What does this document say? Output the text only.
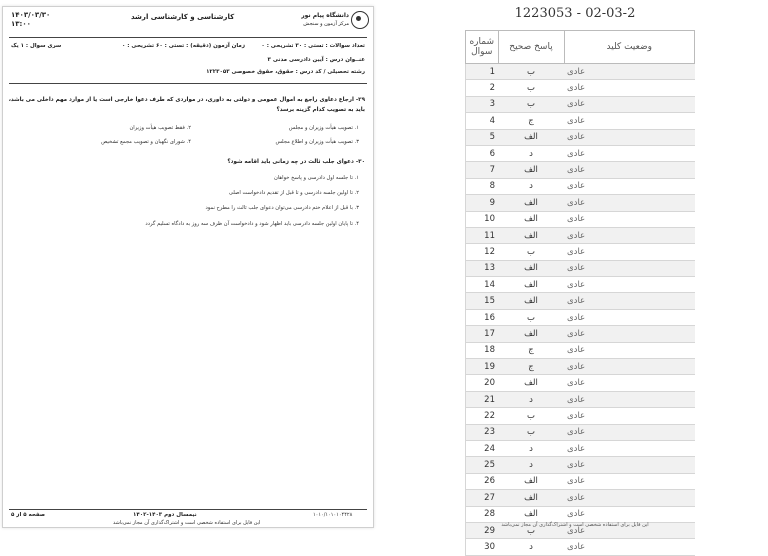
۱۴۰۳/۰۳/۳۰
۱۳:۰۰
کارشناسی و کارشناسی ارشد	دانشگاه پیام نور
مرکز آزمون و سنجش
تعداد سوالات : تستی : ۳۰ تشریحی : ۰
زمان آزمون (دقیقه) : تستی : ۶۰ تشریحی : ۰
سری سوال : ۱ یک
عنــوان درس : آیین دادرسی مدنی ۳
رشته تحصیلی / کد درس : حقوق، حقوق خصوصی ۱۲۲۳۰۵۳
۲۹- ارجاع دعاوی راجع به اموال عمومی و دولتی به داوری، در مواردی که طرف دعوا خارجی است یا از موارد مهم داخلی می باشد،
باید به تصویب کدام گزینه برسد؟
۱. تصویب هیأت وزیران و مجلس
۲. فقط تصویب هیأت وزیران
۳. تصویب هیأت وزیران و اطلاع مجلس
۴. شورای نگهبان و تصویب مجمع تشخیص
۳۰- دعوای جلب ثالث در چه زمانی باید اقامه شود؟
۱. تا جلسه اول دادرسی و پاسخ خواهان
۲. تا اولین جلسه دادرسی و تا قبل از تقدیم دادخواست اصلی
۳. با قبل از اعلام ختم دادرسی می‌توان دعوای جلب ثالث را مطرح نمود
۴. تا پایان اولین جلسه دادرسی باید اظهار شود و دادخواست آن ظرف سه روز به دادگاه تسلیم گردد
صفحه ۵ از ۵	نیمسال دوم ۱۴۰۳-۱۴۰۲	۱۰۱۰/۱۰۱۰۱۰۴۴۲۸
این فایل برای استفاده شخصی است و اشتراک‌گذاری آن مجاز نمی‌باشد
1223053 - 02-03-2
شماره سوال	پاسخ صحیح	وضعیت کلید
1	ب	عادی
2	ب	عادی
3	ب	عادی
4	ج	عادی
5	الف	عادی
6	د	عادی
7	الف	عادی
8	د	عادی
9	الف	عادی
10	الف	عادی
11	الف	عادی
12	ب	عادی
13	الف	عادی
14	الف	عادی
15	الف	عادی
16	ب	عادی
17	الف	عادی
18	ج	عادی
19	ج	عادی
20	الف	عادی
21	د	عادی
22	ب	عادی
23	ب	عادی
24	د	عادی
25	د	عادی
26	الف	عادی
27	الف	عادی
28	الف	عادی
29	ب	عادی
30	د	عادی
این فایل برای استفاده شخصی است و اشتراک‌گذاری آن مجاز نمی‌باشد
